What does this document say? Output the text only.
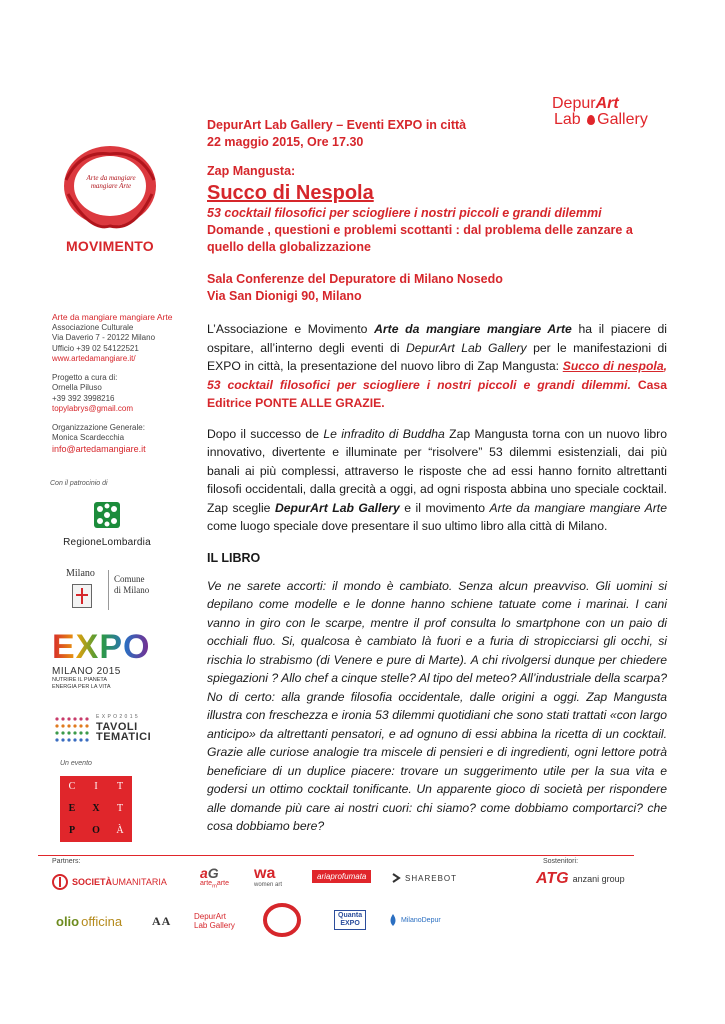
DepurArt
Lab Gallery
Arte da mangiare mangiare Arte
MOVIMENTO
Arte da mangiare mangiare Arte
Associazione Culturale
Via Daverio 7 - 20122 Milano
Ufficio +39 02 54122521
www.artedamangiare.it/
Progetto a cura di:
Ornella Piluso
+39 392 3998216
topylabrys@gmail.com
Organizzazione Generale:
Monica Scardecchia
info@artedamangiare.it
Con il patrocinio di
RegioneLombardia
Milano Comune
di Milano
EXPO
MILANO 2015
NUTRIRE IL PIANETA
ENERGIA PER LA VITA
E X P O 2 0 1 5
TAVOLI
TEMATICI
Un evento
C	I	T
E	X	T
P	O	À
DepurArt Lab Gallery – Eventi EXPO in città
22 maggio 2015, Ore 17.30
Zap Mangusta:
Succo di Nespola
53 cocktail filosofici per sciogliere i nostri piccoli e grandi dilemmi
Domande , questioni e problemi scottanti : dal problema delle zanzare a quello della globalizzazione
Sala Conferenze del Depuratore di Milano Nosedo
Via San Dionigi 90, Milano
L’Associazione e Movimento Arte da mangiare mangiare Arte ha il piacere di ospitare, all’interno degli eventi di DepurArt Lab Gallery per le manifestazioni di EXPO in città, la presentazione del nuovo libro di Zap Mangusta: Succo di nespola, 53 cocktail filosofici per sciogliere i nostri piccoli e grandi dilemmi. Casa Editrice PONTE ALLE GRAZIE.
Dopo il successo de Le infradito di Buddha Zap Mangusta torna con un nuovo libro innovativo, divertente e illuminate per “risolvere” 53 dilemmi esistenziali, dai più banali ai più complessi, attraverso le risposte che ad essi hanno fornito altrettanti filosofi occidentali, dalla grecità a oggi, ad ogni risposta abbina uno speciale cocktail. Zap sceglie DepurArt Lab Gallery e il movimento Arte da mangiare mangiare Arte come luogo speciale dove presentare il suo ultimo libro alla città di Milano.
IL LIBRO
Ve ne sarete accorti: il mondo è cambiato. Senza alcun preavviso. Gli uomini si depilano come modelle e le donne hanno schiene tatuate come i marinai. I cani vanno in giro con le scarpe, mentre il prof consulta lo smartphone con un paio di occhiali fluo. Si, qualcosa è cambiato là fuori e a furia di stropicciarsi gli occhi, si rischia lo strabismo (di Venere e pure di Marte). A chi rivolgersi dunque per chiedere spiegazioni ? Allo chef a cinque stelle? Al tipo del meteo? All’industriale della scarpa? No di certo: alla grande filosofia occidentale, dalle origini a oggi. Zap Mangusta illustra con freschezza e ironia 53 dilemmi quotidiani che sono stati trattati «con largo anticipo» da altrettanti pensatori, e ad ognuno di essi abbina la ricetta di un cocktail. Grazie alle curiose analogie tra miscele di pensieri e di ingredienti, ogni lettore potrà beneficiare di un duplice piacere: trovare un suggerimento utile per la sua vita e godersi un ottimo cocktail tonificante. Un apparente gioco di società per rispondere alle domande più care ai nostri cuori: chi siamo? come dobbiamo comportarci? che cosa dobbiamo bere?
Partners:	Sostenitori:
SOCIETÀ UMANITARIA
aG
arte$_m$arte
wa
women art
ariaprofumata	SHAREBOT	ATG anzani group
olio officina AA	DepurArt
Lab Gallery
Quanta
EXPO	MilanoDepur
